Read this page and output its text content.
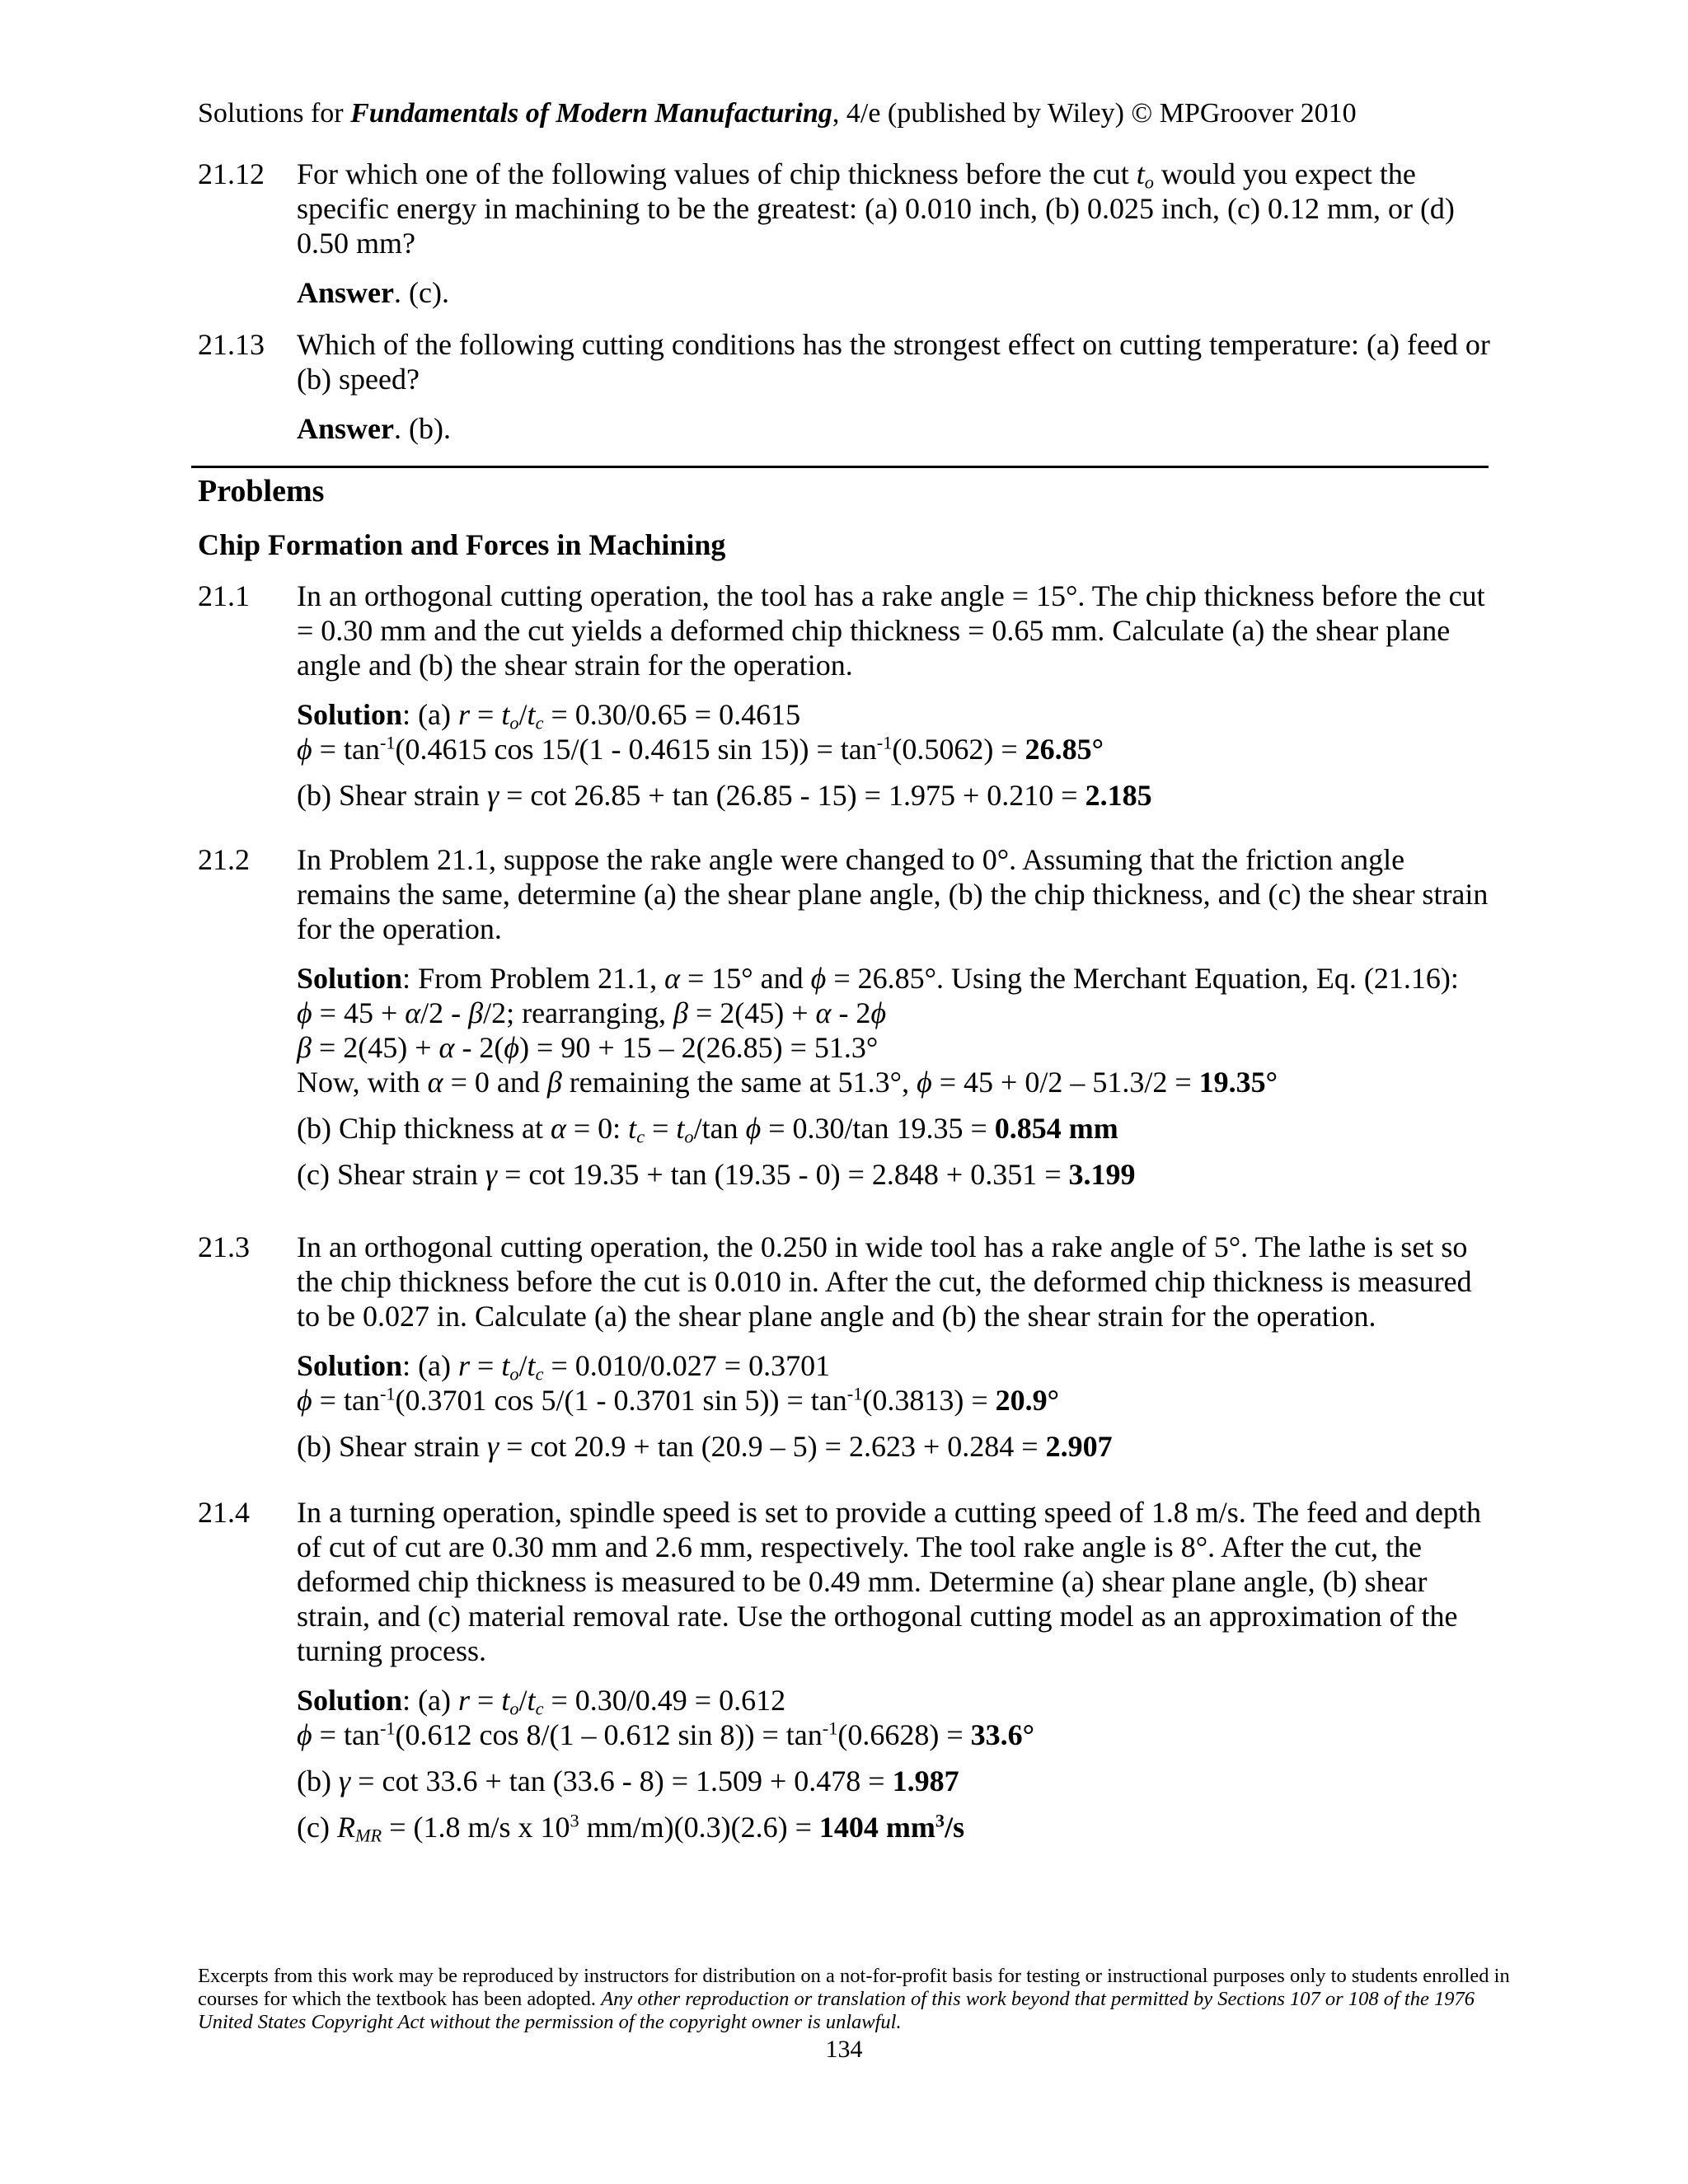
Solutions for Fundamentals of Modern Manufacturing, 4/e (published by Wiley) © MPGroover 2010
21.12	For which one of the following values of chip thickness before the cut $t_o$ would you expect the specific energy in machining to be the greatest: (a) 0.010 inch, (b) 0.025 inch, (c) 0.12 mm, or (d) 0.50 mm?
Answer. (c).
21.13	Which of the following cutting conditions has the strongest effect on cutting temperature: (a) feed or (b) speed?
Answer. (b).
Problems
Chip Formation and Forces in Machining
21.1	In an orthogonal cutting operation, the tool has a rake angle = 15°. The chip thickness before the cut = 0.30 mm and the cut yields a deformed chip thickness = 0.65 mm. Calculate (a) the shear plane angle and (b) the shear strain for the operation.

Solution: (a) $r = t_o/t_c = 0.30/0.65 = 0.4615$

$\phi = \tan^{-1}(0.4615$ cos 15/(1 - 0.4615 $\sin 15)) = \tan^{-1}(0.5062) = 26.85^\circ$

(b) Shear strain γ = cot 26.85 + tan (26.85 - 15) = 1.975 + 0.210 = 2.185

21.2	In Problem 21.1, suppose the rake angle were changed to 0°. Assuming that the friction angle remains the same, determine (a) the shear plane angle, (b) the chip thickness, and (c) the shear strain for the operation.

Solution: From Problem 21.1, α = 15° and ϕ = 26.85°. Using the Merchant Equation, Eq. (21.16):

ϕ = 45 + α/2 - β/2; rearranging, β = 2(45) + α - 2ϕ

β = 2(45) + α - 2(ϕ) = 90 + 15 – 2(26.85) = 51.3°

Now, with α = 0 and β remaining the same at 51.3°, ϕ = 45 + 0/2 – 51.3/2 = 19.35°

(b) Chip thickness at α = 0: $t_c = t_o/\tan$ ϕ = 0.30/tan 19.35 = 0.854 mm

(c) Shear strain γ = cot 19.35 + tan (19.35 - 0) = 2.848 + 0.351 = 3.199

21.3	In an orthogonal cutting operation, the 0.250 in wide tool has a rake angle of 5°. The lathe is set so the chip thickness before the cut is 0.010 in. After the cut, the deformed chip thickness is measured to be 0.027 in. Calculate (a) the shear plane angle and (b) the shear strain for the operation.

Solution: (a) $r = t_o/t_c = 0.010/0.027 = 0.3701$

$\phi = \tan^{-1}(0.3701$ cos 5/(1 - 0.3701 $\sin 5)) = \tan^{-1}(0.3813) = 20.9^\circ$

(b) Shear strain γ = cot 20.9 + tan (20.9 – 5) = 2.623 + 0.284 = 2.907

21.4	In a turning operation, spindle speed is set to provide a cutting speed of 1.8 m/s. The feed and depth of cut of cut are 0.30 mm and 2.6 mm, respectively. The tool rake angle is 8°. After the cut, the deformed chip thickness is measured to be 0.49 mm. Determine (a) shear plane angle, (b) shear strain, and (c) material removal rate. Use the orthogonal cutting model as an approximation of the turning process.

Solution: (a) $r = t_o/t_c = 0.30/0.49 = 0.612$

$\phi = \tan^{-1}(0.612$ cos 8/(1 – 0.612 $\sin 8)) = \tan^{-1}(0.6628) = 33.6^\circ$

(b) γ = cot 33.6 + tan (33.6 - 8) = 1.509 + 0.478 = 1.987

(c) $R_{MR} = (1.8$ m/s x $10^3$ mm/m)(0.3)(2.6) = 1404 $mm^3/s$

Excerpts from this work may be reproduced by instructors for distribution on a not-for-profit basis for testing or instructional purposes only to students enrolled in courses for which the textbook has been adopted. Any other reproduction or translation of this work beyond that permitted by Sections 107 or 108 of the 1976 United States Copyright Act without the permission of the copyright owner is unlawful.
134
